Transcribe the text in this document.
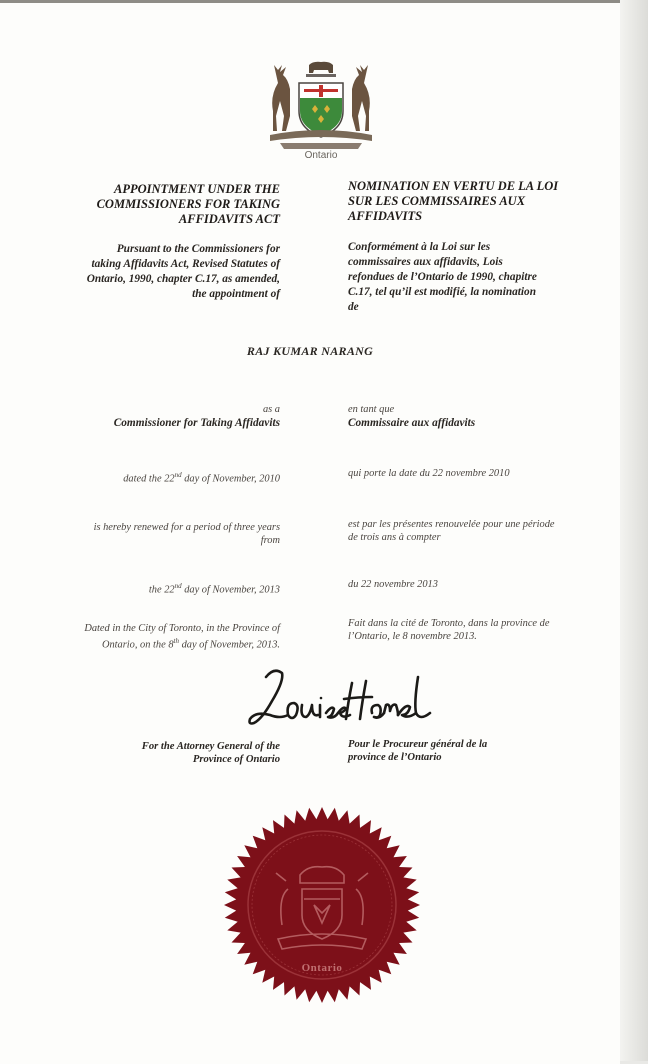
Ontario
APPOINTMENT UNDER THE
COMMISSIONERS FOR TAKING
AFFIDAVITS ACT
NOMINATION EN VERTU DE LA LOI
SUR LES COMMISSAIRES AUX
AFFIDAVITS
Pursuant to the Commissioners for
taking Affidavits Act, Revised Statutes of
Ontario, 1990, chapter C.17, as amended,
the appointment of
Conformément à la Loi sur les
commissaires aux affidavits, Lois
refondues de l’Ontario de 1990, chapitre
C.17, tel qu’il est modifié, la nomination
de
RAJ KUMAR NARANG
as a
Commissioner for Taking Affidavits
en tant que
Commissaire aux affidavits
dated the 22nd day of November, 2010	qui porte la date du 22 novembre 2010
is hereby renewed for a period of three years
from
est par les présentes renouvelée pour une période
de trois ans à compter
the 22nd day of November, 2013	du 22 novembre 2013
Dated in the City of Toronto, in the Province of
Ontario, on the 8th day of November, 2013.
Fait dans la cité de Toronto, dans la province de
l’Ontario, le 8 novembre 2013.
For the Attorney General of the
Province of Ontario
Pour le Procureur général de la
province de l’Ontario
Ontario
